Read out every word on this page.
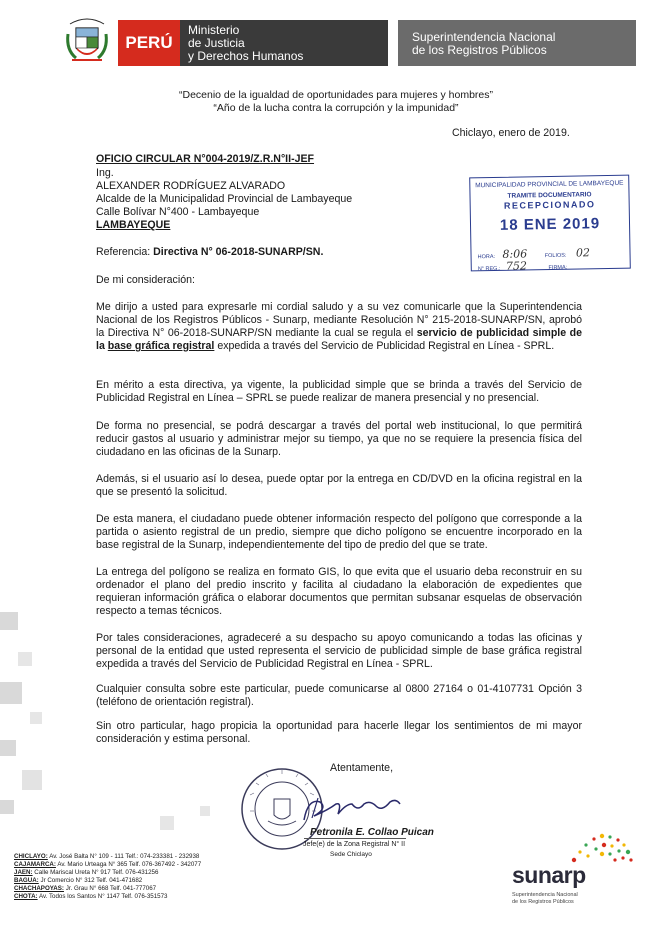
PERÚ
Ministerio
de Justicia
y Derechos Humanos
Superintendencia Nacional
de los Registros Públicos
“Decenio de la igualdad de oportunidades para mujeres y hombres”
“Año de la lucha contra la corrupción y la impunidad”
Chiclayo, enero de 2019.
OFICIO CIRCULAR N°004-2019/Z.R.N°II-JEF
Ing.
ALEXANDER RODRÍGUEZ ALVARADO
Alcalde de la Municipalidad Provincial de Lambayeque
Calle Bolívar N°400 - Lambayeque
LAMBAYEQUE
Referencia: Directiva N° 06-2018-SUNARP/SN.
MUNICIPALIDAD PROVINCIAL DE LAMBAYEQUE
TRAMITE DOCUMENTARIO
RECEPCIONADO
18 ENE 2019
HORA: 8:06	FOLIOS: 02
N° REG.: 752	FIRMA:
De mi consideración:
Me dirijo a usted para expresarle mi cordial saludo y a su vez comunicarle que la Superintendencia Nacional de los Registros Públicos - Sunarp, mediante Resolución N° 215-2018-SUNARP/SN, aprobó la Directiva N° 06-2018-SUNARP/SN mediante la cual se regula el servicio de publicidad simple de la base gráfica registral expedida a través del Servicio de Publicidad Registral en Línea - SPRL.
En mérito a esta directiva, ya vigente, la publicidad simple que se brinda a través del Servicio de Publicidad Registral en Línea – SPRL se puede realizar de manera presencial y no presencial.
De forma no presencial, se podrá descargar a través del portal web institucional, lo que permitirá reducir gastos al usuario y administrar mejor su tiempo, ya que no se requiere la presencia física del ciudadano en las oficinas de la Sunarp.
Además, si el usuario así lo desea, puede optar por la entrega en CD/DVD en la oficina registral en la que se presentó la solicitud.
De esta manera, el ciudadano puede obtener información respecto del polígono que corresponde a la partida o asiento registral de un predio, siempre que dicho polígono se encuentre incorporado en la base registral de la Sunarp, independientemente del tipo de predio del que se trate.
La entrega del polígono se realiza en formato GIS, lo que evita que el usuario deba reconstruir en su ordenador el plano del predio inscrito y facilita al ciudadano la elaboración de expedientes que requieran información gráfica o elaborar documentos que permitan subsanar esquelas de observación respecto a temas técnicos.
Por tales consideraciones, agradeceré a su despacho su apoyo comunicando a todas las oficinas y personal de la entidad que usted representa el servicio de publicidad simple de base gráfica registral expedida a través del Servicio de Publicidad Registral en Línea - SPRL.
Cualquier consulta sobre este particular, puede comunicarse al 0800 27164 o 01-4107731 Opción 3 (teléfono de orientación registral).
Sin otro particular, hago propicia la oportunidad para hacerle llegar los sentimientos de mi mayor consideración y estima personal.
Atentamente,
Petronila E. Collao Puican
Jefe(e) de la Zona Registral N° II
Sede Chiclayo
CHICLAYO: Av. José Balta N° 109 - 111 Telf.: 074-233381 - 232938
CAJAMARCA: Av. Mario Urteaga N° 365 Telf. 076-367492 - 342077
JAEN: Calle Mariscal Ureta N° 917 Telf. 076-431256
BAGUA: Jr Comercio N° 312 Telf. 041-471682
CHACHAPOYAS: Jr. Grau N° 668 Telf. 041-777067
CHOTA: Av. Todos los Santos N° 1147 Telf. 076-351573
sunarp
Superintendencia Nacional
de los Registros Públicos
